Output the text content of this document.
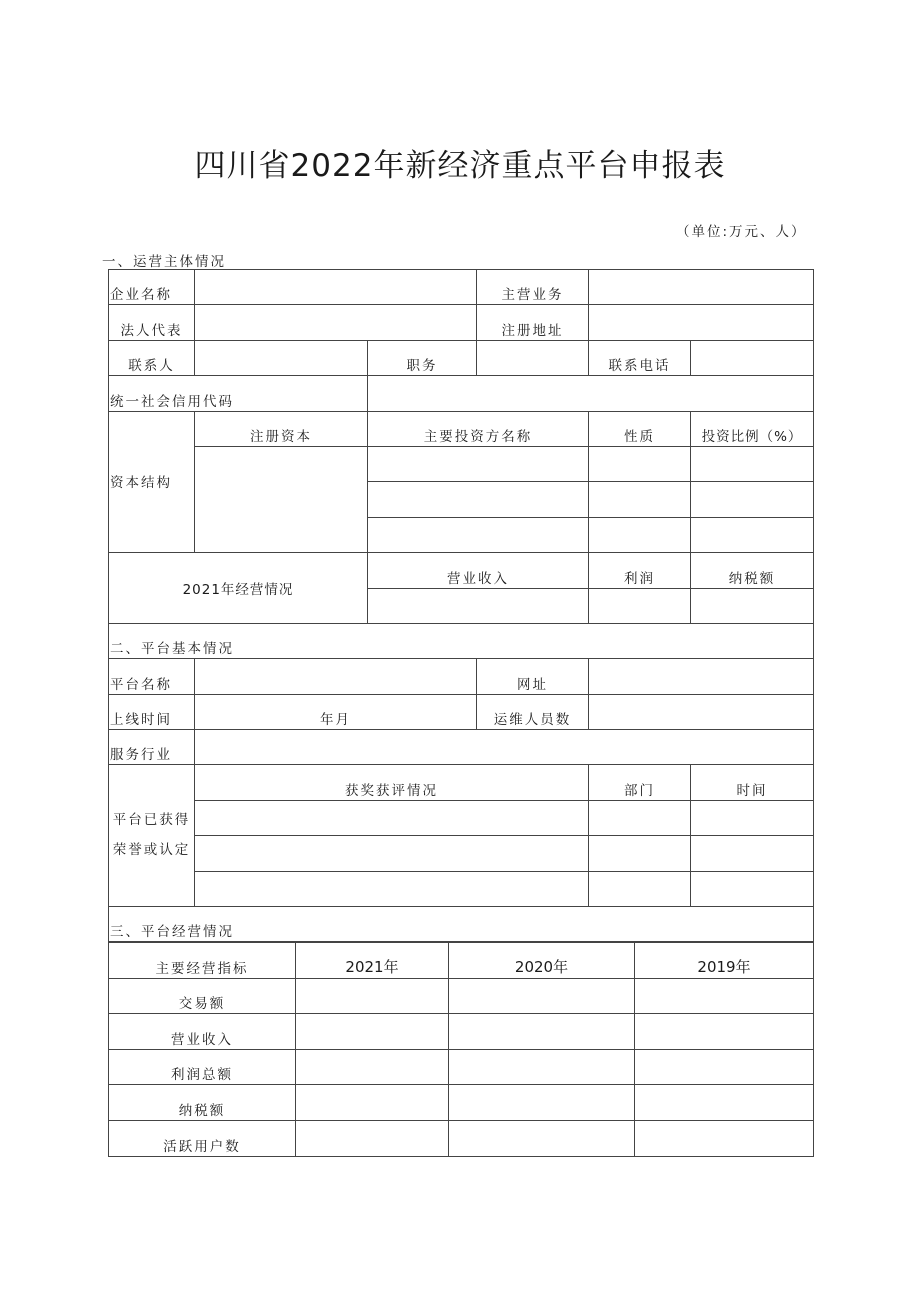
四川省2022年新经济重点平台申报表
（单位:万元、人）
一、运营主体情况
企业名称			主营业务		
法人代表			注册地址		
联系人		职务		联系电话	
统一社会信用代码					
资本结构	注册资本	主要投资方名称		性质	投资比例（%）

2021年经营情况		营业收入		利润	纳税额

二、平台基本情况					
平台名称			网址		
上线时间	年月		运维人员数		
服务行业					

平台已获得
荣誉或认定	获奖获评情况			部门	时间

三、平台经营情况					
主要经营指标	2021年	2020年	2019年
交易额			
营业收入			
利润总额			
纳税额			
活跃用户数			
